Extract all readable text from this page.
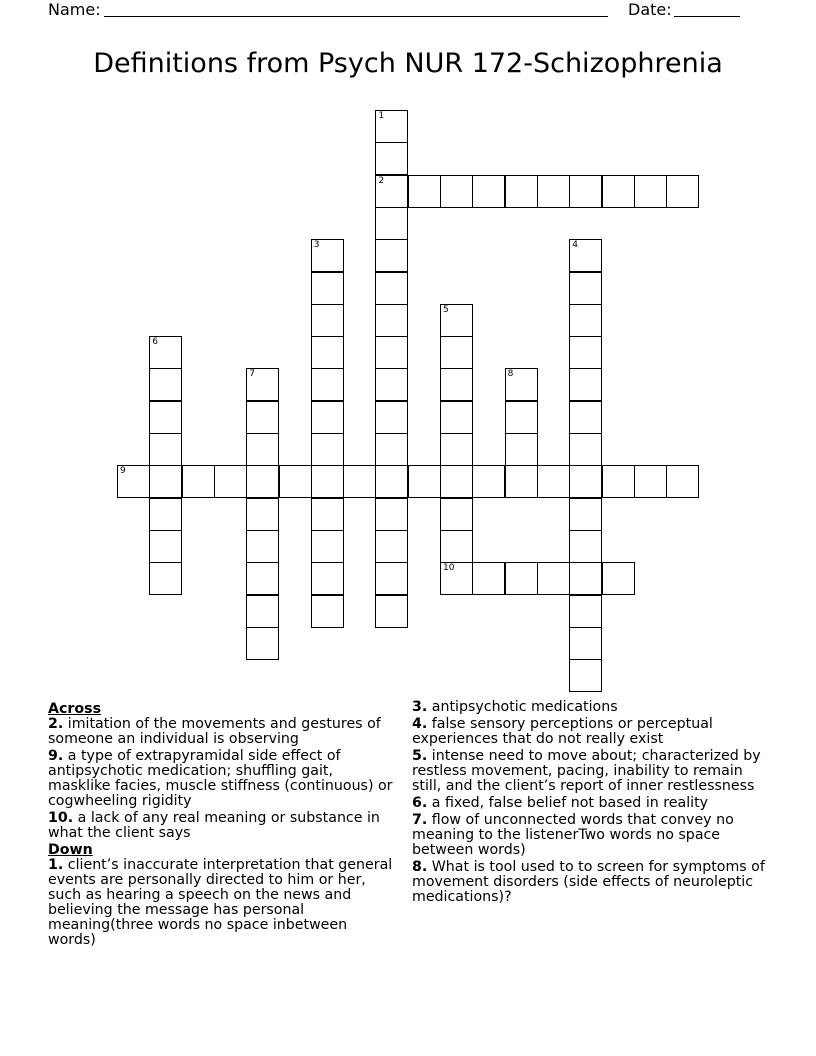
Name:	Date:
Definitions from Psych NUR 172-Schizophrenia
1
2
3	4
5
10
6
7	8
9
Across
2. imitation of the movements and gestures of someone an individual is observing
9. a type of extrapyramidal side effect of antipsychotic medication; shuffling gait, masklike facies, muscle stiffness (continuous) or cogwheeling rigidity
10. a lack of any real meaning or substance in what the client says
Down
1. client’s inaccurate interpretation that general events are personally directed to him or her, such as hearing a speech on the news and believing the message has personal meaning(three words no space inbetween words)
3. antipsychotic medications
4. false sensory perceptions or perceptual experiences that do not really exist
5. intense need to move about; characterized by restless movement, pacing, inability to remain still, and the client’s report of inner restlessness
6. a fixed, false belief not based in reality
7. flow of unconnected words that convey no meaning to the listenerTwo words no space between words)
8. What is tool used to to screen for symptoms of movement disorders (side effects of neuroleptic medications)?
